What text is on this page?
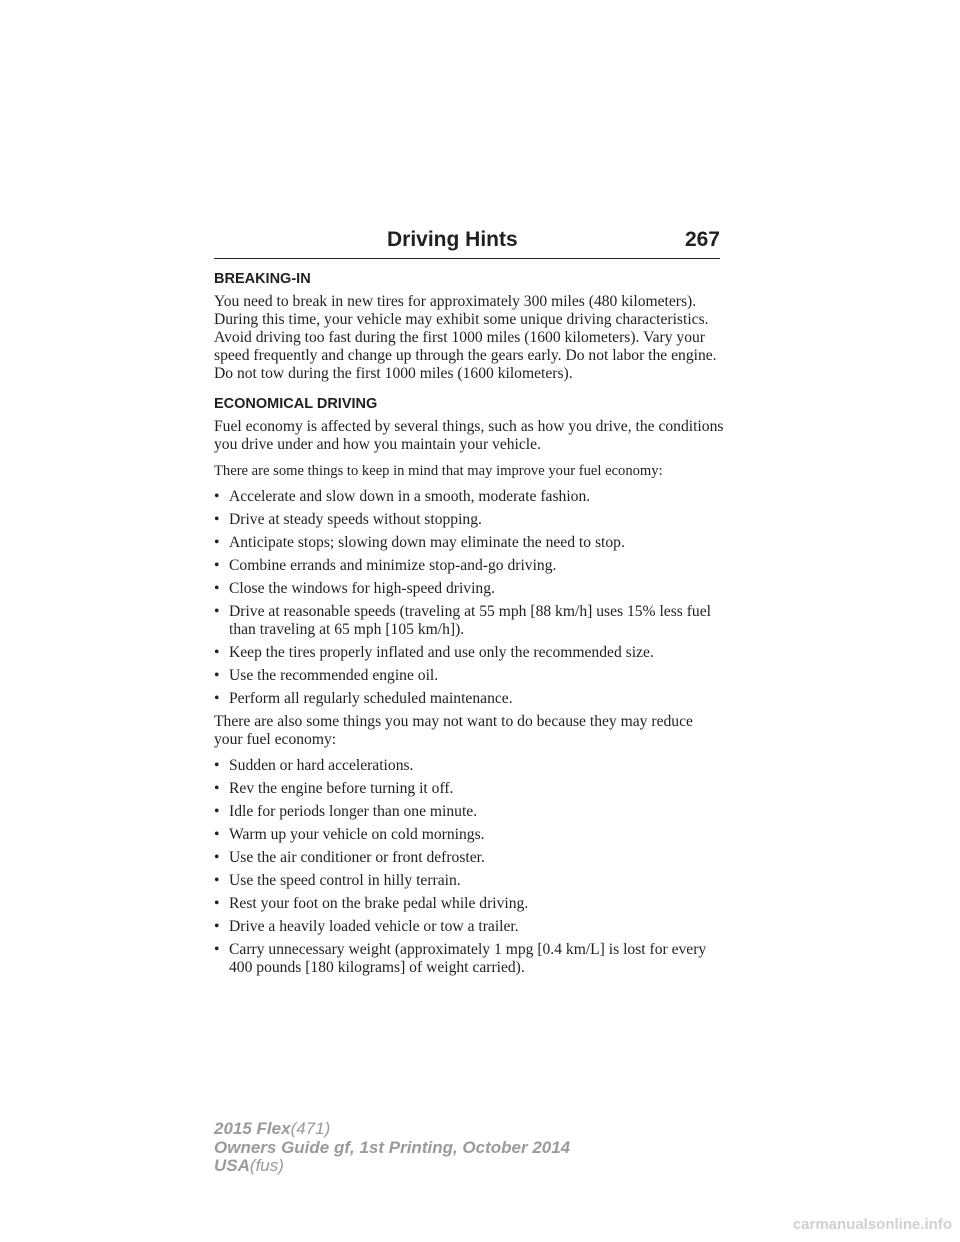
Driving Hints	267
BREAKING-IN

You need to break in new tires for approximately 300 miles (480 kilometers). During this time, your vehicle may exhibit some unique driving characteristics. Avoid driving too fast during the first 1000 miles (1600 kilometers). Vary your speed frequently and change up through the gears early. Do not labor the engine. Do not tow during the first 1000 miles (1600 kilometers).

ECONOMICAL DRIVING

Fuel economy is affected by several things, such as how you drive, the conditions you drive under and how you maintain your vehicle.

There are some things to keep in mind that may improve your fuel economy:

• Accelerate and slow down in a smooth, moderate fashion.
• Drive at steady speeds without stopping.
• Anticipate stops; slowing down may eliminate the need to stop.
• Combine errands and minimize stop-and-go driving.
• Close the windows for high-speed driving.
• Drive at reasonable speeds (traveling at 55 mph [88 km/h] uses 15% less fuel than traveling at 65 mph [105 km/h]).
• Keep the tires properly inflated and use only the recommended size.
• Use the recommended engine oil.
• Perform all regularly scheduled maintenance.

There are also some things you may not want to do because they may reduce your fuel economy:

• Sudden or hard accelerations.
• Rev the engine before turning it off.
• Idle for periods longer than one minute.
• Warm up your vehicle on cold mornings.
• Use the air conditioner or front defroster.
• Use the speed control in hilly terrain.
• Rest your foot on the brake pedal while driving.
• Drive a heavily loaded vehicle or tow a trailer.
• Carry unnecessary weight (approximately 1 mpg [0.4 km/L] is lost for every 400 pounds [180 kilograms] of weight carried).
2015 Flex(471)
Owners Guide gf, 1st Printing, October 2014
USA(fus)
carmanualsonline.info
